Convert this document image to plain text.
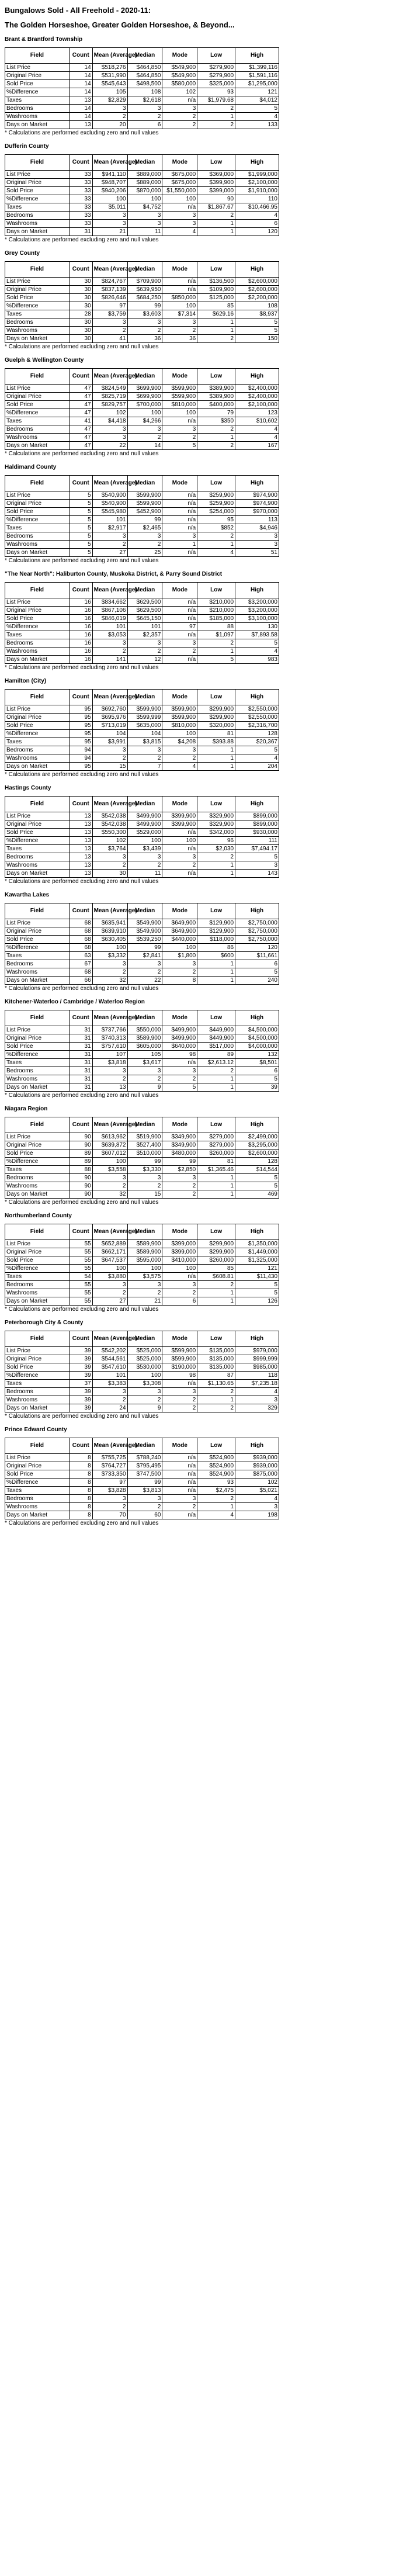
Bungalows Sold - All Freehold - 2020-11:
The Golden Horseshoe, Greater Golden Horseshoe, & Beyond...
Brant & Brantford Township
Field	Count	Mean (Average)	Median	Mode	Low	High
List Price	14	$518,276	$464,850	$549,900	$279,900	$1,399,116
Original Price	14	$531,990	$464,850	$549,900	$279,900	$1,591,116
Sold Price	14	$545,643	$498,500	$580,000	$325,000	$1,295,000
%Difference	14	105	108	102	93	121
Taxes	13	$2,829	$2,618	n/a	$1,979.68	$4,012
Bedrooms	14	3	3	3	2	5
Washrooms	14	2	2	2	1	4
Days on Market	13	20	6	2	2	133
* Calculations are performed excluding zero and null values
Dufferin County
Field	Count	Mean (Average)	Median	Mode	Low	High
List Price	33	$941,110	$889,000	$675,000	$369,000	$1,999,000
Original Price	33	$948,707	$889,000	$675,000	$399,900	$2,100,000
Sold Price	33	$940,206	$870,000	$1,550,000	$399,000	$1,910,000
%Difference	33	100	100	100	90	110
Taxes	33	$5,011	$4,752	n/a	$1,867.67	$10,466.95
Bedrooms	33	3	3	3	2	4
Washrooms	33	3	3	3	1	6
Days on Market	31	21	11	4	1	120
* Calculations are performed excluding zero and null values
Grey County
Field	Count	Mean (Average)	Median	Mode	Low	High
List Price	30	$824,767	$709,900	n/a	$136,500	$2,600,000
Original Price	30	$837,139	$639,950	n/a	$109,900	$2,600,000
Sold Price	30	$826,646	$684,250	$850,000	$125,000	$2,200,000
%Difference	30	97	99	100	85	108
Taxes	28	$3,759	$3,603	$7,314	$629.16	$8,937
Bedrooms	30	3	3	3	1	5
Washrooms	30	2	2	2	1	5
Days on Market	30	41	36	36	2	150
* Calculations are performed excluding zero and null values
Guelph & Wellington County
Field	Count	Mean (Average)	Median	Mode	Low	High
List Price	47	$824,549	$699,900	$599,900	$389,900	$2,400,000
Original Price	47	$825,719	$699,900	$599,900	$389,900	$2,400,000
Sold Price	47	$829,757	$700,000	$810,000	$400,000	$2,100,000
%Difference	47	102	100	100	79	123
Taxes	41	$4,418	$4,266	n/a	$350	$10,602
Bedrooms	47	3	3	3	2	4
Washrooms	47	3	2	2	1	4
Days on Market	47	22	14	5	2	167
* Calculations are performed excluding zero and null values
Haldimand County
Field	Count	Mean (Average)	Median	Mode	Low	High
List Price	5	$540,900	$599,900	n/a	$259,900	$974,900
Original Price	5	$540,900	$599,900	n/a	$259,900	$974,900
Sold Price	5	$545,980	$452,900	n/a	$254,000	$970,000
%Difference	5	101	99	n/a	95	113
Taxes	5	$2,917	$2,465	n/a	$852	$4,946
Bedrooms	5	3	3	3	2	3
Washrooms	5	2	2	1	1	3
Days on Market	5	27	25	n/a	4	51
* Calculations are performed excluding zero and null values
"The Near North": Haliburton County, Muskoka District, & Parry Sound District
Field	Count	Mean (Average)	Median	Mode	Low	High
List Price	16	$834,662	$629,500	n/a	$210,000	$3,200,000
Original Price	16	$867,106	$629,500	n/a	$210,000	$3,200,000
Sold Price	16	$846,019	$645,150	n/a	$185,000	$3,100,000
%Difference	16	101	101	97	88	130
Taxes	16	$3,053	$2,357	n/a	$1,097	$7,893.58
Bedrooms	16	3	3	3	2	5
Washrooms	16	2	2	2	1	4
Days on Market	16	141	12	n/a	5	983
* Calculations are performed excluding zero and null values
Hamilton (City)
Field	Count	Mean (Average)	Median	Mode	Low	High
List Price	95	$692,760	$599,900	$599,900	$299,900	$2,550,000
Original Price	95	$695,976	$599,999	$599,900	$299,900	$2,550,000
Sold Price	95	$713,019	$635,000	$810,000	$320,000	$2,316,700
%Difference	95	104	104	100	81	128
Taxes	95	$3,991	$3,815	$4,208	$393.88	$20,367
Bedrooms	94	3	3	3	1	5
Washrooms	94	2	2	2	1	4
Days on Market	95	15	7	4	1	204
* Calculations are performed excluding zero and null values
Hastings County
Field	Count	Mean (Average)	Median	Mode	Low	High
List Price	13	$542,038	$499,900	$399,900	$329,900	$899,000
Original Price	13	$542,038	$499,900	$399,900	$329,900	$899,000
Sold Price	13	$550,300	$529,000	n/a	$342,000	$930,000
%Difference	13	102	100	100	96	111
Taxes	13	$3,764	$3,439	n/a	$2,030	$7,494.17
Bedrooms	13	3	3	3	2	5
Washrooms	13	2	2	2	1	3
Days on Market	13	30	11	n/a	1	143
* Calculations are performed excluding zero and null values
Kawartha Lakes
Field	Count	Mean (Average)	Median	Mode	Low	High
List Price	68	$635,941	$549,900	$649,900	$129,900	$2,750,000
Original Price	68	$639,910	$549,900	$649,900	$129,900	$2,750,000
Sold Price	68	$630,405	$539,250	$440,000	$118,000	$2,750,000
%Difference	68	100	99	100	86	120
Taxes	63	$3,332	$2,841	$1,800	$600	$11,661
Bedrooms	67	3	3	3	1	6
Washrooms	68	2	2	2	1	5
Days on Market	66	32	22	8	1	240
* Calculations are performed excluding zero and null values
Kitchener-Waterloo / Cambridge / Waterloo Region
Field	Count	Mean (Average)	Median	Mode	Low	High
List Price	31	$737,766	$550,000	$499,900	$449,900	$4,500,000
Original Price	31	$740,313	$589,900	$499,900	$449,900	$4,500,000
Sold Price	31	$757,610	$605,000	$640,000	$517,000	$4,000,000
%Difference	31	107	105	98	89	132
Taxes	31	$3,818	$3,617	n/a	$2,613.12	$8,501
Bedrooms	31	3	3	3	2	6
Washrooms	31	2	2	2	1	5
Days on Market	31	13	9	5	1	39
* Calculations are performed excluding zero and null values
Niagara Region
Field	Count	Mean (Average)	Median	Mode	Low	High
List Price	90	$613,962	$519,900	$349,900	$279,000	$2,499,000
Original Price	90	$639,872	$527,400	$349,900	$279,000	$3,295,000
Sold Price	89	$607,012	$510,000	$480,000	$260,000	$2,600,000
%Difference	89	100	99	99	81	128
Taxes	88	$3,558	$3,330	$2,850	$1,365.46	$14,544
Bedrooms	90	3	3	3	1	5
Washrooms	90	2	2	2	1	5
Days on Market	90	32	15	2	1	469
* Calculations are performed excluding zero and null values
Northumberland County
Field	Count	Mean (Average)	Median	Mode	Low	High
List Price	55	$652,889	$589,900	$399,000	$299,900	$1,350,000
Original Price	55	$662,171	$589,900	$399,000	$299,900	$1,449,000
Sold Price	55	$647,537	$595,000	$410,000	$260,000	$1,325,000
%Difference	55	100	100	100	85	121
Taxes	54	$3,880	$3,575	n/a	$608.81	$11,430
Bedrooms	55	3	3	3	2	5
Washrooms	55	2	2	2	1	5
Days on Market	55	27	21	6	1	126
* Calculations are performed excluding zero and null values
Peterborough City & County
Field	Count	Mean (Average)	Median	Mode	Low	High
List Price	39	$542,202	$525,000	$599,900	$135,000	$979,000
Original Price	39	$544,561	$525,000	$599,900	$135,000	$999,999
Sold Price	39	$547,610	$530,000	$190,000	$135,000	$985,000
%Difference	39	101	100	98	87	118
Taxes	37	$3,383	$3,308	n/a	$1,130.65	$7,235.18
Bedrooms	39	3	3	3	2	4
Washrooms	39	2	2	2	1	3
Days on Market	39	24	9	2	2	329
* Calculations are performed excluding zero and null values
Prince Edward County
Field	Count	Mean (Average)	Median	Mode	Low	High
List Price	8	$755,725	$788,240	n/a	$524,900	$939,000
Original Price	8	$764,727	$795,495	n/a	$524,900	$939,000
Sold Price	8	$733,350	$747,500	n/a	$524,900	$875,000
%Difference	8	97	99	n/a	93	102
Taxes	8	$3,828	$3,813	n/a	$2,475	$5,021
Bedrooms	8	3	3	3	2	4
Washrooms	8	2	2	2	1	3
Days on Market	8	70	60	n/a	4	198
* Calculations are performed excluding zero and null values
